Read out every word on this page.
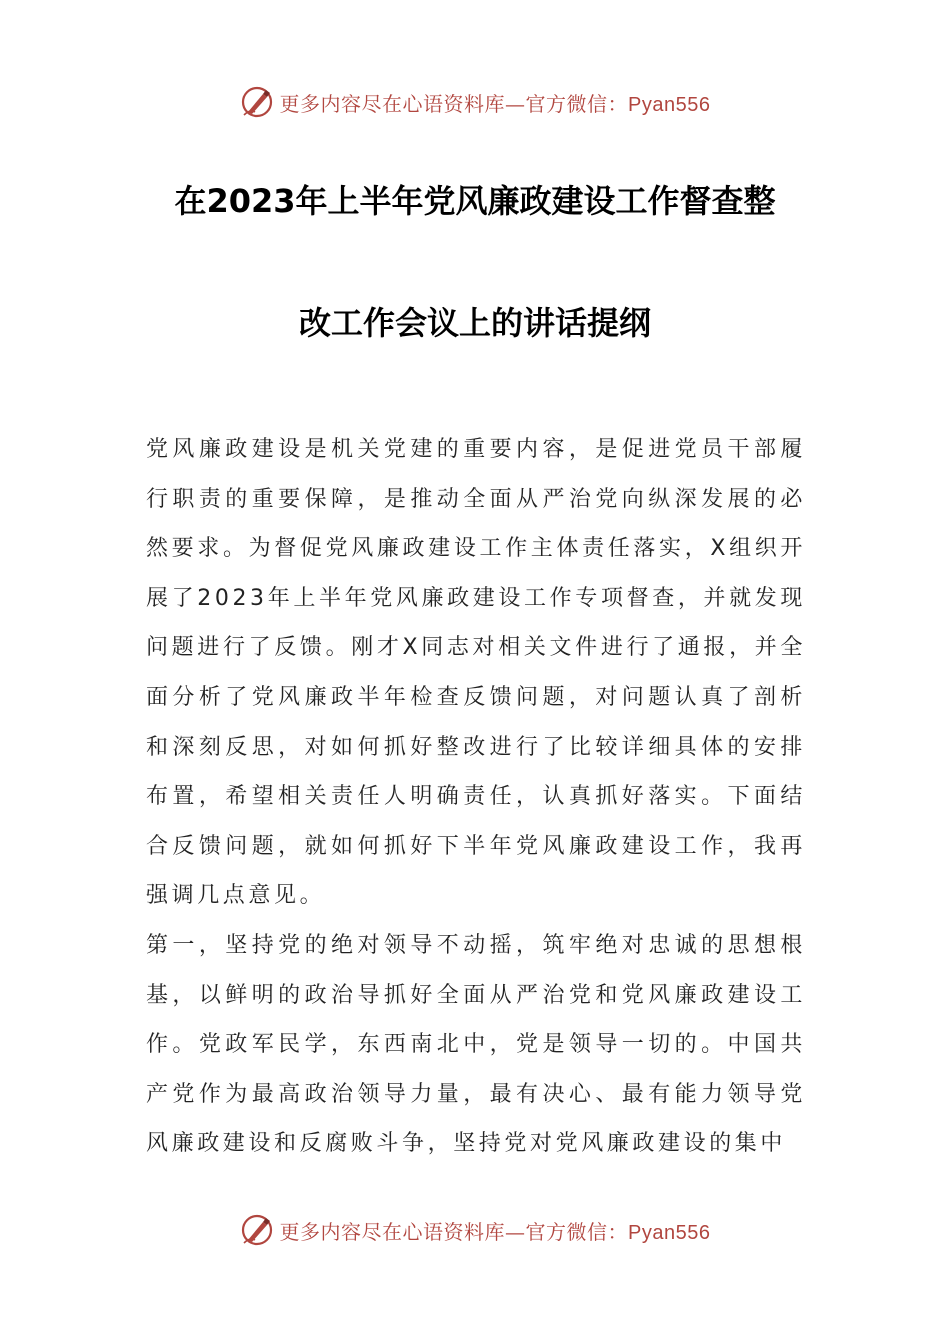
更多内容尽在心语资料库—官方微信：Pyan556
在2023年上半年党风廉政建设工作督查整
改工作会议上的讲话提纲

党风廉政建设是机关党建的重要内容，是促进党员干部履行职责的重要保障，是推动全面从严治党向纵深发展的必然要求。为督促党风廉政建设工作主体责任落实，X组织开展了2023年上半年党风廉政建设工作专项督查，并就发现问题进行了反馈。刚才X同志对相关文件进行了通报，并全面分析了党风廉政半年检查反馈问题，对问题认真了剖析和深刻反思，对如何抓好整改进行了比较详细具体的安排布置，希望相关责任人明确责任，认真抓好落实。下面结合反馈问题，就如何抓好下半年党风廉政建设工作，我再强调几点意见。

第一，坚持党的绝对领导不动摇，筑牢绝对忠诚的思想根基，以鲜明的政治导抓好全面从严治党和党风廉政建设工作。党政军民学，东西南北中，党是领导一切的。中国共产党作为最高政治领导力量，最有决心、最有能力领导党风廉政建设和反腐败斗争，坚持党对党风廉政建设的集中

更多内容尽在心语资料库—官方微信：Pyan556
